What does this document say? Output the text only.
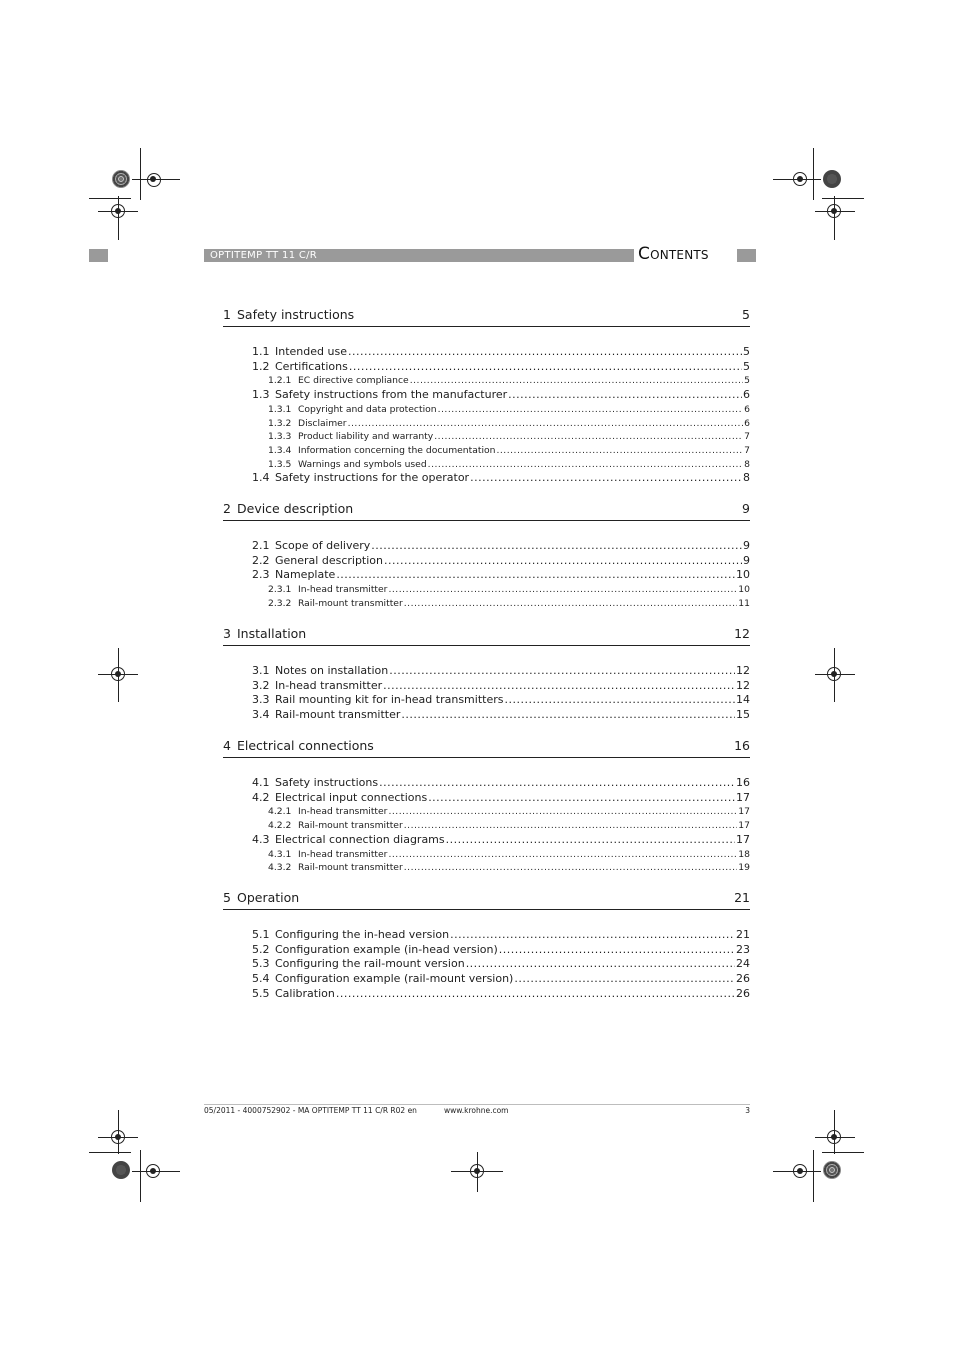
OPTITEMP TT 11 C/R	Contents
1 Safety instructions	5
1.1 Intended use .....	5
1.2 Certifications .....	5
1.2.1 EC directive compliance .....	5
1.3 Safety instructions from the manufacturer .....	6
1.3.1 Copyright and data protection .....	6
1.3.2 Disclaimer .....	6
1.3.3 Product liability and warranty .....	7
1.3.4 Information concerning the documentation .....	7
1.3.5 Warnings and symbols used .....	8
1.4 Safety instructions for the operator .....	8
2 Device description	9
2.1 Scope of delivery .....	9
2.2 General description .....	9
2.3 Nameplate .....	10
2.3.1 In-head transmitter .....	10
2.3.2 Rail-mount transmitter .....	11
3 Installation	12
3.1 Notes on installation .....	12
3.2 In-head transmitter .....	12
3.3 Rail mounting kit for in-head transmitters .....	14
3.4 Rail-mount transmitter .....	15
4 Electrical connections	16
4.1 Safety instructions .....	16
4.2 Electrical input connections .....	17
4.2.1 In-head transmitter .....	17
4.2.2 Rail-mount transmitter .....	17
4.3 Electrical connection diagrams .....	17
4.3.1 In-head transmitter .....	18
4.3.2 Rail-mount transmitter .....	19
5 Operation	21
5.1 Configuring the in-head version .....	21
5.2 Configuration example (in-head version) .....	23
5.3 Configuring the rail-mount version .....	24
5.4 Configuration example (rail-mount version) .....	26
5.5 Calibration .....	26
05/2011 - 4000752902 - MA OPTITEMP TT 11 C/R R02 en	www.krohne.com	3
